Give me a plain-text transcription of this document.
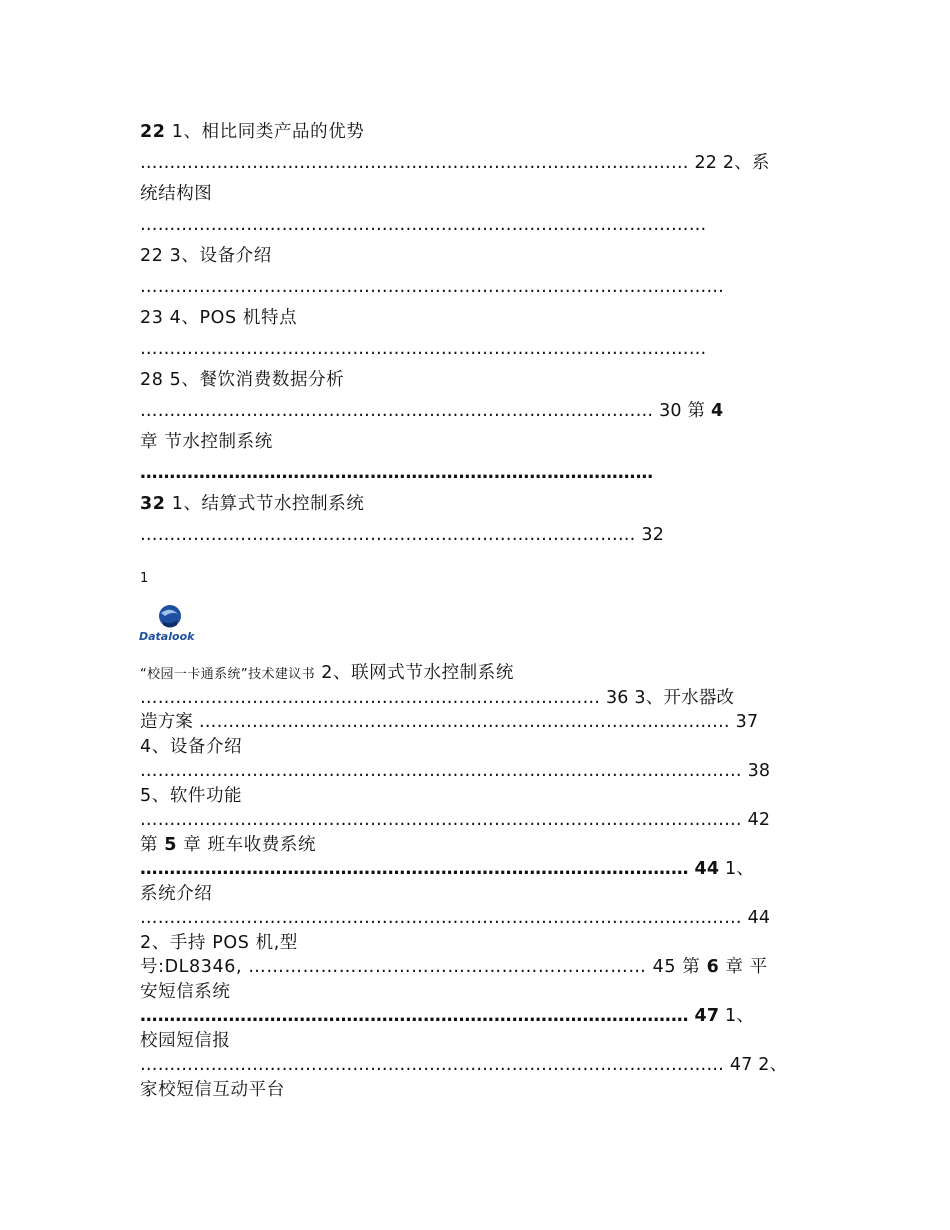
22 1、相比同类产品的优势
………………………………………………………………………………… 22 2、系
统结构图
……………………………………………………………………………………
22 3、设备介绍
………………………………………………………………………………………
23 4、POS 机特点
……………………………………………………………………………………
28 5、餐饮消费数据分析
…………………………………………………………………………… 30 第 4
章 节水控制系统
……………………………………………………………………………
32 1、结算式节水控制系统
………………………………………………………………………… 32
1
Datalook
“校园一卡通系统”技术建议书 2、联网式节水控制系统
…………………………………………………………………… 36 3、开水器改
造方案 ……………………………………………………………………………… 37
4、设备介绍
………………………………………………………………………………………… 38
5、软件功能
………………………………………………………………………………………… 42
第 5 章 班车收费系统
………………………………………………………………………………… 44 1、
系统介绍
………………………………………………………………………………………… 44
2、手持 POS 机,型
号:DL8346, ………………………………………………………… 45 第 6 章 平
安短信系统
………………………………………………………………………………… 47 1、
校园短信报
……………………………………………………………………………………… 47 2、
家校短信互动平台
